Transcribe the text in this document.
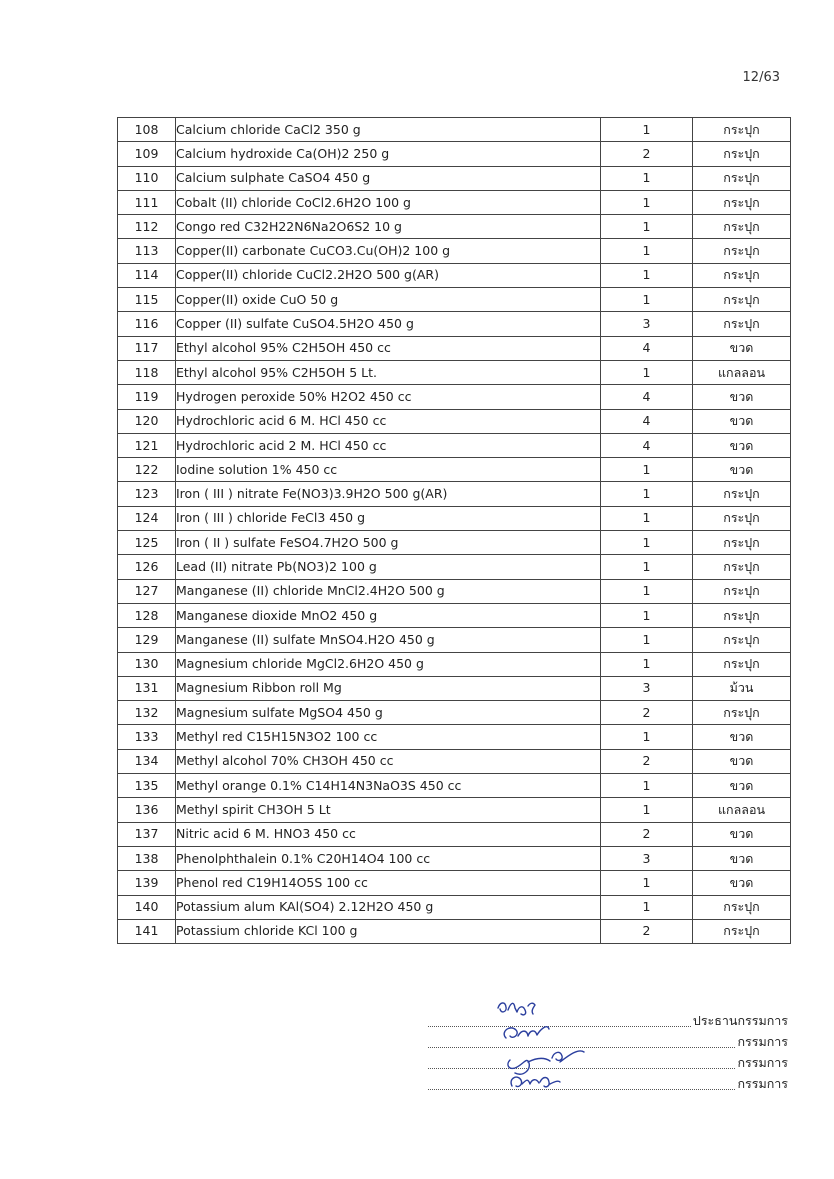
12/63
108	Calcium chloride CaCl2 350 g	1	กระปุก
109	Calcium hydroxide Ca(OH)2 250 g	2	กระปุก
110	Calcium sulphate CaSO4 450 g	1	กระปุก
111	Cobalt (II) chloride CoCl2.6H2O 100 g	1	กระปุก
112	Congo red C32H22N6Na2O6S2 10 g	1	กระปุก
113	Copper(II) carbonate CuCO3.Cu(OH)2 100 g	1	กระปุก
114	Copper(II) chloride CuCl2.2H2O 500 g(AR)	1	กระปุก
115	Copper(II) oxide CuO 50 g	1	กระปุก
116	Copper (II) sulfate CuSO4.5H2O 450 g	3	กระปุก
117	Ethyl alcohol 95% C2H5OH 450 cc	4	ขวด
118	Ethyl alcohol 95% C2H5OH 5 Lt.	1	แกลลอน
119	Hydrogen peroxide 50% H2O2 450 cc	4	ขวด
120	Hydrochloric acid 6 M. HCl 450 cc	4	ขวด
121	Hydrochloric acid 2 M. HCl 450 cc	4	ขวด
122	Iodine solution 1% 450 cc	1	ขวด
123	Iron ( III ) nitrate Fe(NO3)3.9H2O 500 g(AR)	1	กระปุก
124	Iron ( III ) chloride FeCl3 450 g	1	กระปุก
125	Iron ( II ) sulfate FeSO4.7H2O 500 g	1	กระปุก
126	Lead (II) nitrate Pb(NO3)2 100 g	1	กระปุก
127	Manganese (II) chloride MnCl2.4H2O 500 g	1	กระปุก
128	Manganese dioxide MnO2 450 g	1	กระปุก
129	Manganese (II) sulfate MnSO4.H2O 450 g	1	กระปุก
130	Magnesium chloride MgCl2.6H2O 450 g	1	กระปุก
131	Magnesium Ribbon roll Mg	3	ม้วน
132	Magnesium sulfate MgSO4 450 g	2	กระปุก
133	Methyl red C15H15N3O2 100 cc	1	ขวด
134	Methyl alcohol 70% CH3OH 450 cc	2	ขวด
135	Methyl orange 0.1% C14H14N3NaO3S 450 cc	1	ขวด
136	Methyl spirit CH3OH 5 Lt	1	แกลลอน
137	Nitric acid 6 M. HNO3 450 cc	2	ขวด
138	Phenolphthalein 0.1% C20H14O4 100 cc	3	ขวด
139	Phenol red C19H14O5S 100 cc	1	ขวด
140	Potassium alum KAl(SO4) 2.12H2O 450 g	1	กระปุก
141	Potassium chloride KCl 100 g	2	กระปุก
ประธานกรรมการ
กรรมการ
กรรมการ
กรรมการ
